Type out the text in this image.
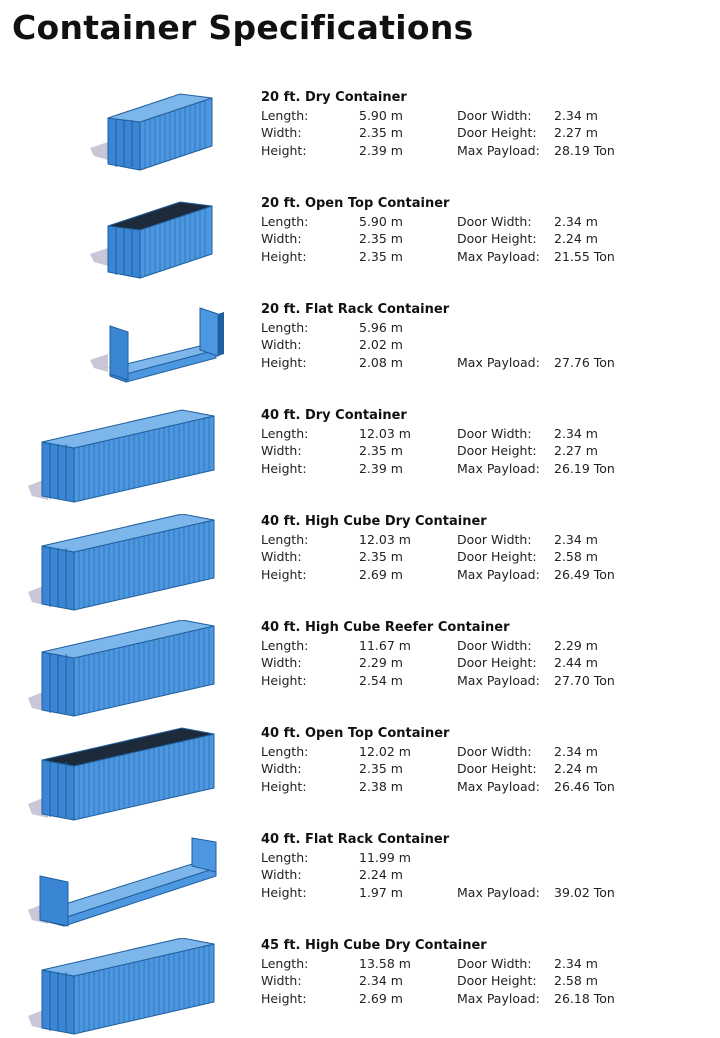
Container Specifications
20 ft. Dry Container
Length:
Width:
Height:
5.90 m
2.35 m
2.39 m
Door Width: 2.34 m
Door Height: 2.27 m
Max Payload: 28.19 Ton
20 ft. Open Top Container
Length:
Width:
Height:
5.90 m
2.35 m
2.35 m
Door Width: 2.34 m
Door Height: 2.24 m
Max Payload: 21.55 Ton
20 ft. Flat Rack Container
Length:
Width:
Height:
5.96 m
2.02 m
2.08 m	Max Payload: 27.76 Ton
40 ft. Dry Container
Length:
Width:
Height:
12.03 m
2.35 m
2.39 m
Door Width: 2.34 m
Door Height: 2.27 m
Max Payload: 26.19 Ton
40 ft. High Cube Dry Container
Length:
Width:
Height:
12.03 m
2.35 m
2.69 m
Door Width: 2.34 m
Door Height: 2.58 m
Max Payload: 26.49 Ton
40 ft. High Cube Reefer Container
Length:
Width:
Height:
11.67 m
2.29 m
2.54 m
Door Width: 2.29 m
Door Height: 2.44 m
Max Payload: 27.70 Ton
40 ft. Open Top Container
Length:
Width:
Height:
12.02 m
2.35 m
2.38 m
Door Width: 2.34 m
Door Height: 2.24 m
Max Payload: 26.46 Ton
40 ft. Flat Rack Container
Length:
Width:
Height:
11.99 m
2.24 m
1.97 m	Max Payload: 39.02 Ton
45 ft. High Cube Dry Container
Length:
Width:
Height:
13.58 m
2.34 m
2.69 m
Door Width: 2.34 m
Door Height: 2.58 m
Max Payload: 26.18 Ton
